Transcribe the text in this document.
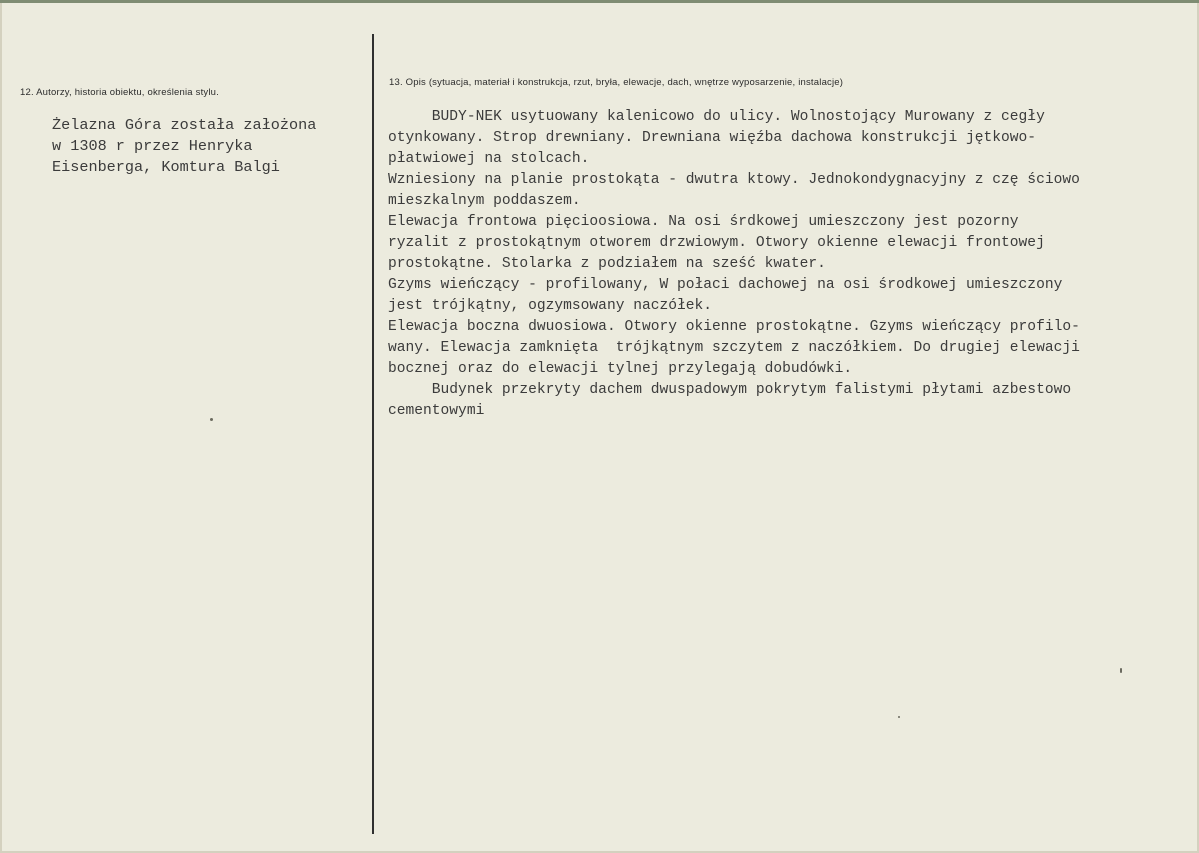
12. Autorzy, historia obiektu, określenia stylu.
Żelazna Góra została założona
w 1308 r przez Henryka
Eisenberga, Komtura Balgi
13. Opis (sytuacja, materiał i konstrukcja, rzut, bryła, elewacje, dach, wnętrze wyposarzenie, instalacje)
BUDY-NEK usytuowany kalenicowo do ulicy. Wolnostojący Murowany z cegły
otynkowany. Strop drewniany. Drewniana więźba dachowa konstrukcji jętkowo-
płatwiowej na stolcach.
Wzniesiony na planie prostokąta - dwutra ktowy. Jednokondygnacyjny z czę ściowo
mieszkalnym poddaszem.
Elewacja frontowa pięcioosiowa. Na osi śrdkowej umieszczony jest pozorny
ryzalit z prostokątnym otworem drzwiowym. Otwory okienne elewacji frontowej
prostokątne. Stolarka z podziałem na sześć kwater.
Gzyms wieńczący - profilowany, W połaci dachowej na osi środkowej umieszczony
jest trójkątny, ogzymsowany naczółek.
Elewacja boczna dwuosiowa. Otwory okienne prostokątne. Gzyms wieńczący profilo-
wany. Elewacja zamknięta  trójkątnym szczytem z naczółkiem. Do drugiej elewacji
bocznej oraz do elewacji tylnej przylegają dobudówki.
Budynek przekryty dachem dwuspadowym pokrytym falistymi płytami azbestowo
cementowymi
